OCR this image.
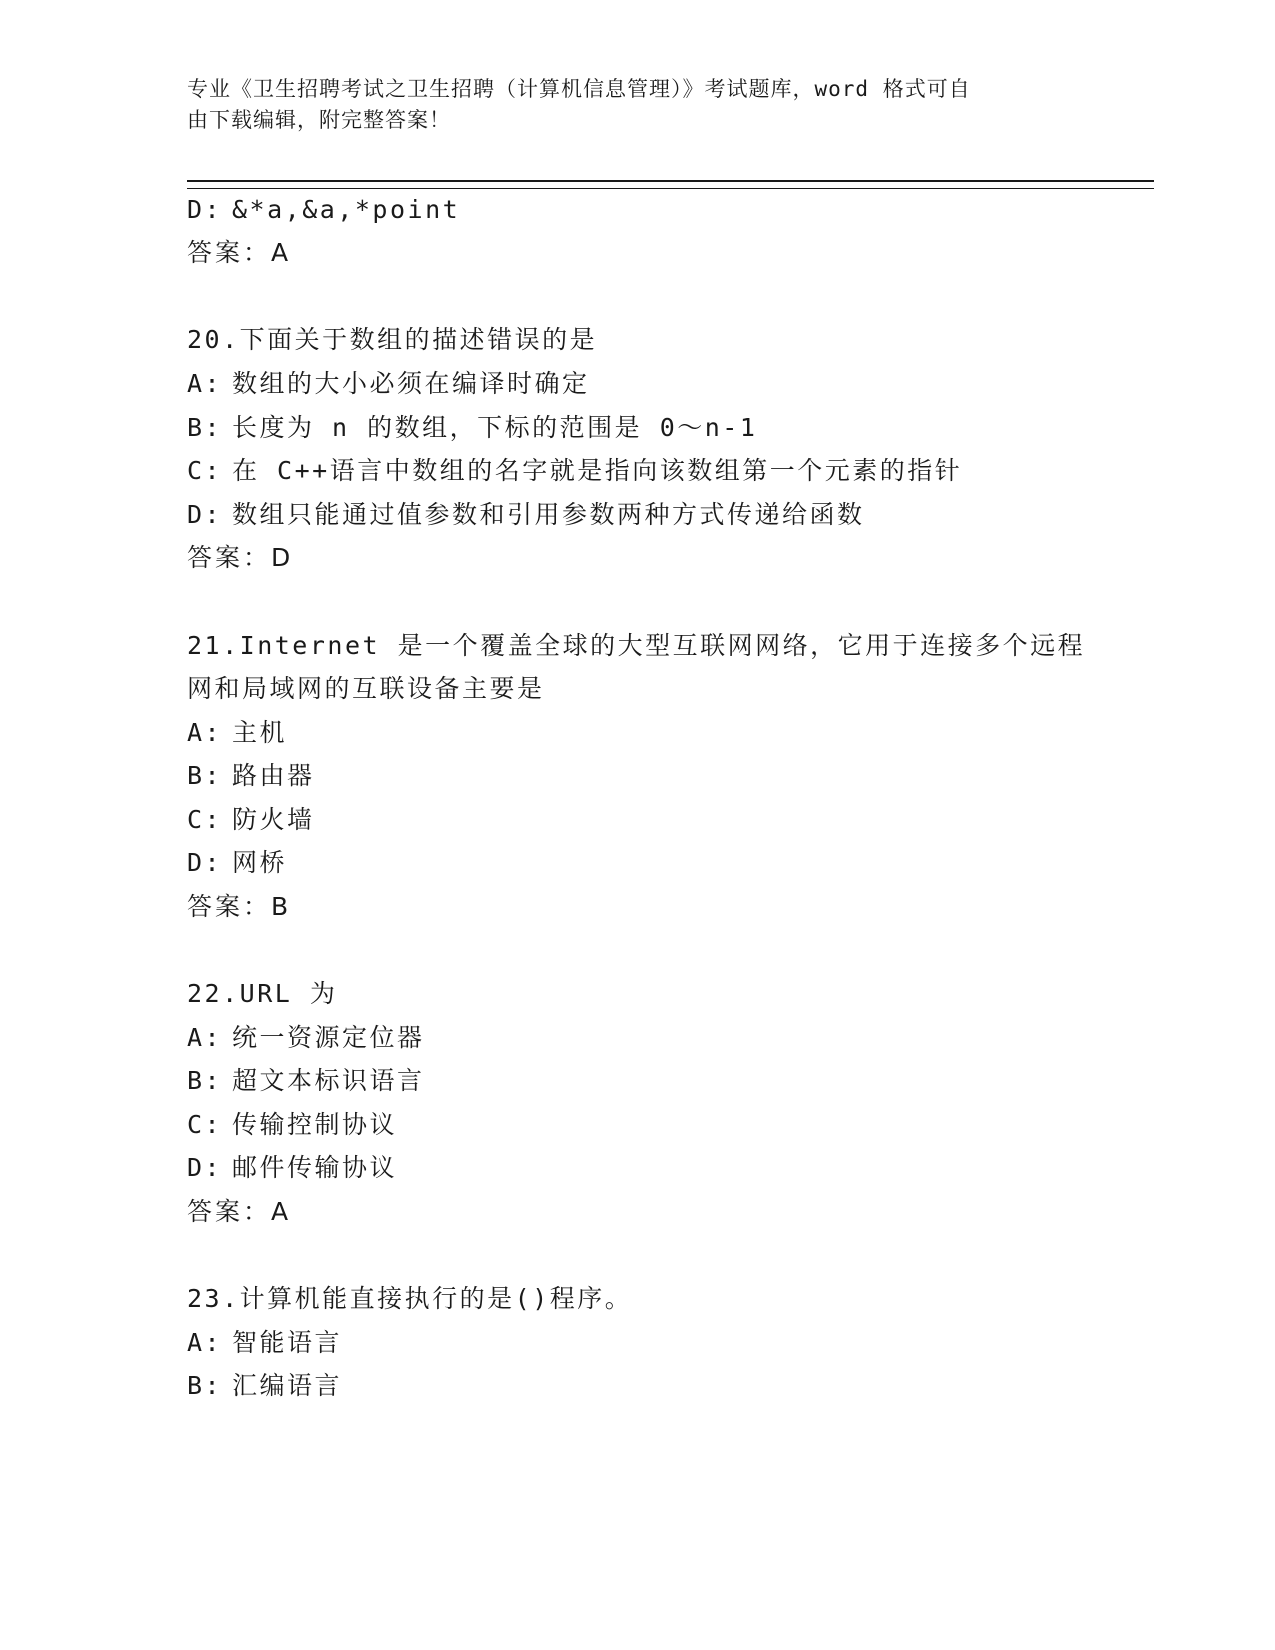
专业《卫生招聘考试之卫生招聘（计算机信息管理）》考试题库，word 格式可自
由下载编辑，附完整答案！
D: &*a,&a,*point
答案：A
20.下面关于数组的描述错误的是
A: 数组的大小必须在编译时确定
B: 长度为 n 的数组，下标的范围是 0～n-1
C: 在 C++语言中数组的名字就是指向该数组第一个元素的指针
D: 数组只能通过值参数和引用参数两种方式传递给函数
答案：D
21.Internet 是一个覆盖全球的大型互联网网络，它用于连接多个远程
网和局域网的互联设备主要是
A: 主机
B: 路由器
C: 防火墙
D: 网桥
答案：B
22.URL 为
A: 统一资源定位器
B: 超文本标识语言
C: 传输控制协议
D: 邮件传输协议
答案：A
23.计算机能直接执行的是()程序。
A: 智能语言
B: 汇编语言
